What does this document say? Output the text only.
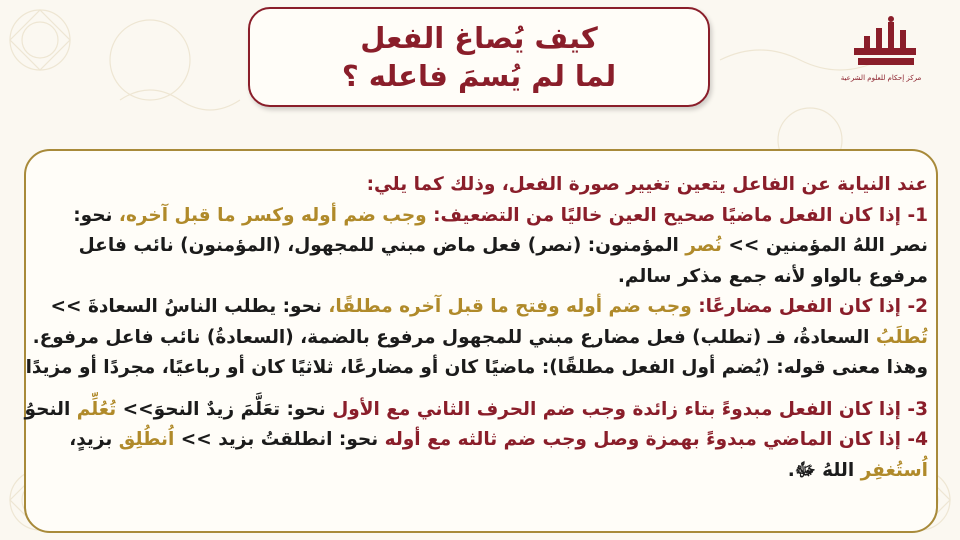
كيف يُصاغ الفعل
لما لم يُسمَ فاعله ؟	مركز إحكام للعلوم الشرعية
عند النيابة عن الفاعل يتعين تغيير صورة الفعل، وذلك كما يلي:
1- إذا كان الفعل ماضيًا صحيح العين خاليًا من التضعيف: وجب ضم أوله وكسر ما قبل آخره، نحو:
نصر اللهُ المؤمنين >> نُصر المؤمنون: (نصر) فعل ماض مبني للمجهول، (المؤمنون) نائب فاعل
مرفوع بالواو لأنه جمع مذكر سالم.
2- إذا كان الفعل مضارعًا: وجب ضم أوله وفتح ما قبل آخره مطلقًا، نحو: يطلب الناسُ السعادةَ >>
تُطلَبُ السعادةُ، فـ (تطلب) فعل مضارع مبني للمجهول مرفوع بالضمة، (السعادةُ) نائب فاعل مرفوع.
وهذا معنى قوله: (يُضم أول الفعل مطلقًا): ماضيًا كان أو مضارعًا، ثلاثيًا كان أو رباعيًا، مجردًا أو مزيدًا
3- إذا كان الفعل مبدوءً بتاء زائدة وجب ضم الحرف الثاني مع الأول نحو: تعَلَّمَ زيدٌ النحوَ>> تُعُلِّم النحوُ
4- إذا كان الماضي مبدوءً بهمزة وصل وجب ضم ثالثه مع أوله نحو: انطلقتُ بزيد >> اُنطُلِق بزيدٍ،
اُستُغفِر اللهُ ﷻ.
